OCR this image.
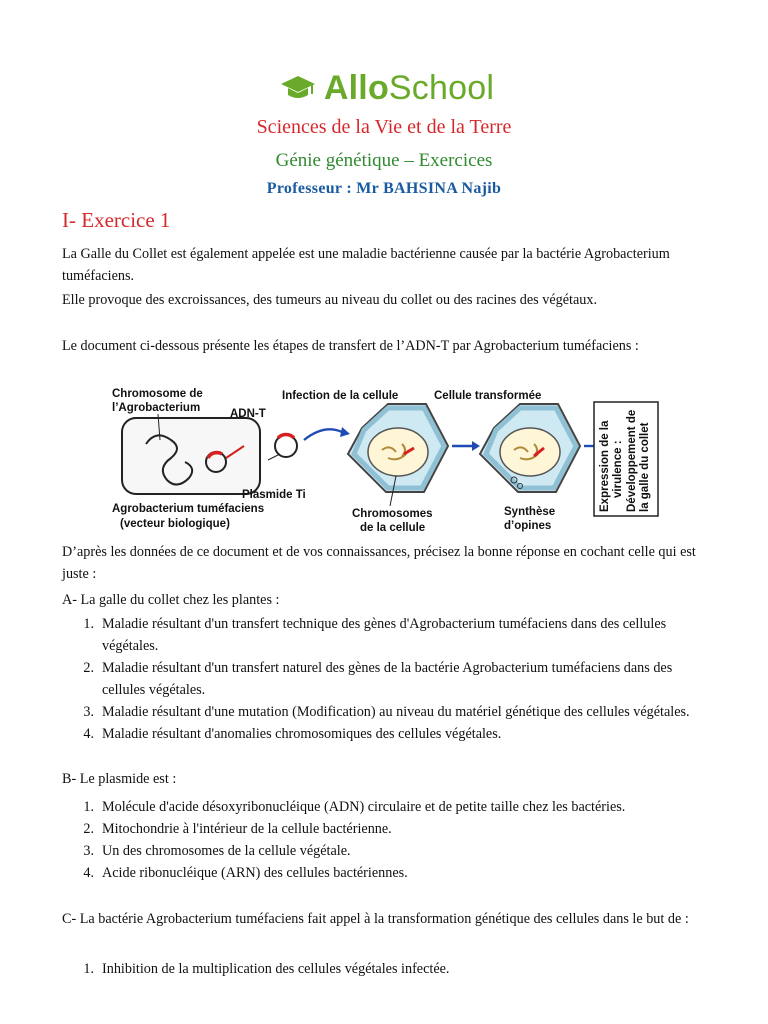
AlloSchool
Sciences de la Vie et de la Terre
Génie génétique – Exercices
Professeur : Mr BAHSINA Najib
I- Exercice 1
La Galle du Collet est également appelée est une maladie bactérienne causée par la bactérie Agrobacterium tuméfaciens.
Elle provoque des excroissances, des tumeurs au niveau du collet ou des racines des végétaux.
Le document ci-dessous présente les étapes de transfert de l’ADN-T par Agrobacterium tuméfaciens :
Expression de la virulence : Développement de la galle du collet
Chromosome de
l’Agrobacterium	ADN-T
Infection de la cellule	Cellule transformée
Plasmide Ti
Agrobacterium tuméfaciens
(vecteur biologique)
Chromosomes
de la cellule
Synthèse
d’opines
D’après les données de ce document et de vos connaissances, précisez la bonne réponse en cochant celle qui est juste :
A- La galle du collet chez les plantes :
1. Maladie résultant d'un transfert technique des gènes d'Agrobacterium tuméfaciens dans des cellules végétales.
2. Maladie résultant d'un transfert naturel des gènes de la bactérie Agrobacterium tuméfaciens dans des cellules végétales.
3. Maladie résultant d'une mutation (Modification) au niveau du matériel génétique des cellules végétales.
4. Maladie résultant d'anomalies chromosomiques des cellules végétales.
B- Le plasmide est :
1. Molécule d'acide désoxyribonucléique (ADN) circulaire et de petite taille chez les bactéries.
2. Mitochondrie à l'intérieur de la cellule bactérienne.
3. Un des chromosomes de la cellule végétale.
4. Acide ribonucléique (ARN) des cellules bactériennes.
C- La bactérie Agrobacterium tuméfaciens fait appel à la transformation génétique des cellules dans le but de :
1. Inhibition de la multiplication des cellules végétales infectée.
